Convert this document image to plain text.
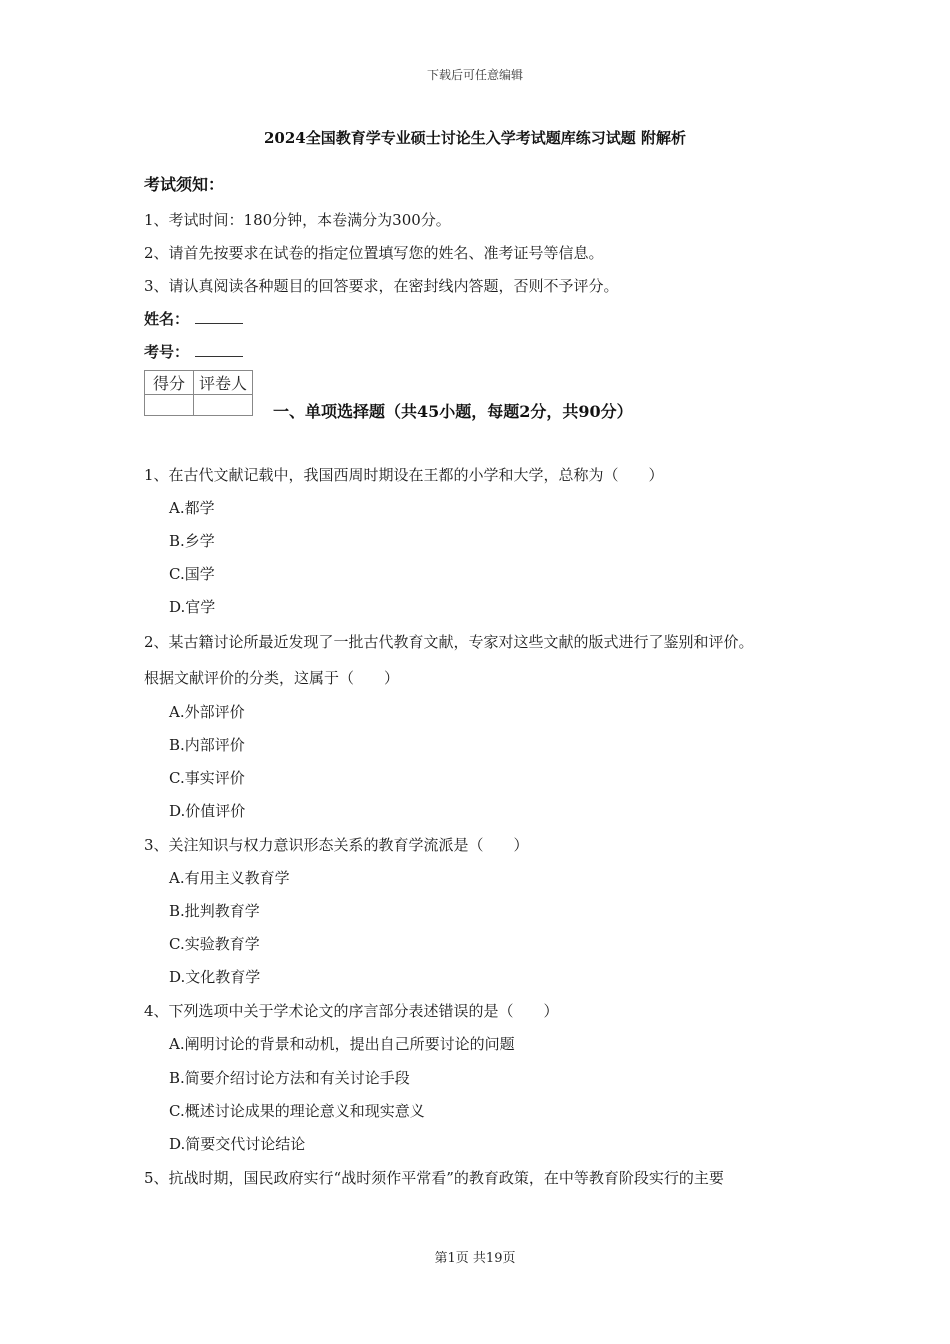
下载后可任意编辑
2024全国教育学专业硕士讨论生入学考试题库练习试题 附解析
考试须知：
1、考试时间：180分钟，本卷满分为300分。
2、请首先按要求在试卷的指定位置填写您的姓名、准考证号等信息。
3、请认真阅读各种题目的回答要求，在密封线内答题，否则不予评分。
姓名：
考号：
得分	评卷人

一、单项选择题（共45小题，每题2分，共90分）
1、在古代文献记载中，我国西周时期设在王都的小学和大学，总称为（　　）
A.都学
B.乡学
C.国学
D.官学
2、某古籍讨论所最近发现了一批古代教育文献，专家对这些文献的版式进行了鉴别和评价。
根据文献评价的分类，这属于（　　）
A.外部评价
B.内部评价
C.事实评价
D.价值评价
3、关注知识与权力意识形态关系的教育学流派是（　　）
A.有用主义教育学
B.批判教育学
C.实验教育学
D.文化教育学
4、下列选项中关于学术论文的序言部分表述错误的是（　　）
A.阐明讨论的背景和动机，提出自己所要讨论的问题
B.简要介绍讨论方法和有关讨论手段
C.概述讨论成果的理论意义和现实意义
D.简要交代讨论结论
5、抗战时期，国民政府实行“战时须作平常看”的教育政策，在中等教育阶段实行的主要
第1页 共19页
